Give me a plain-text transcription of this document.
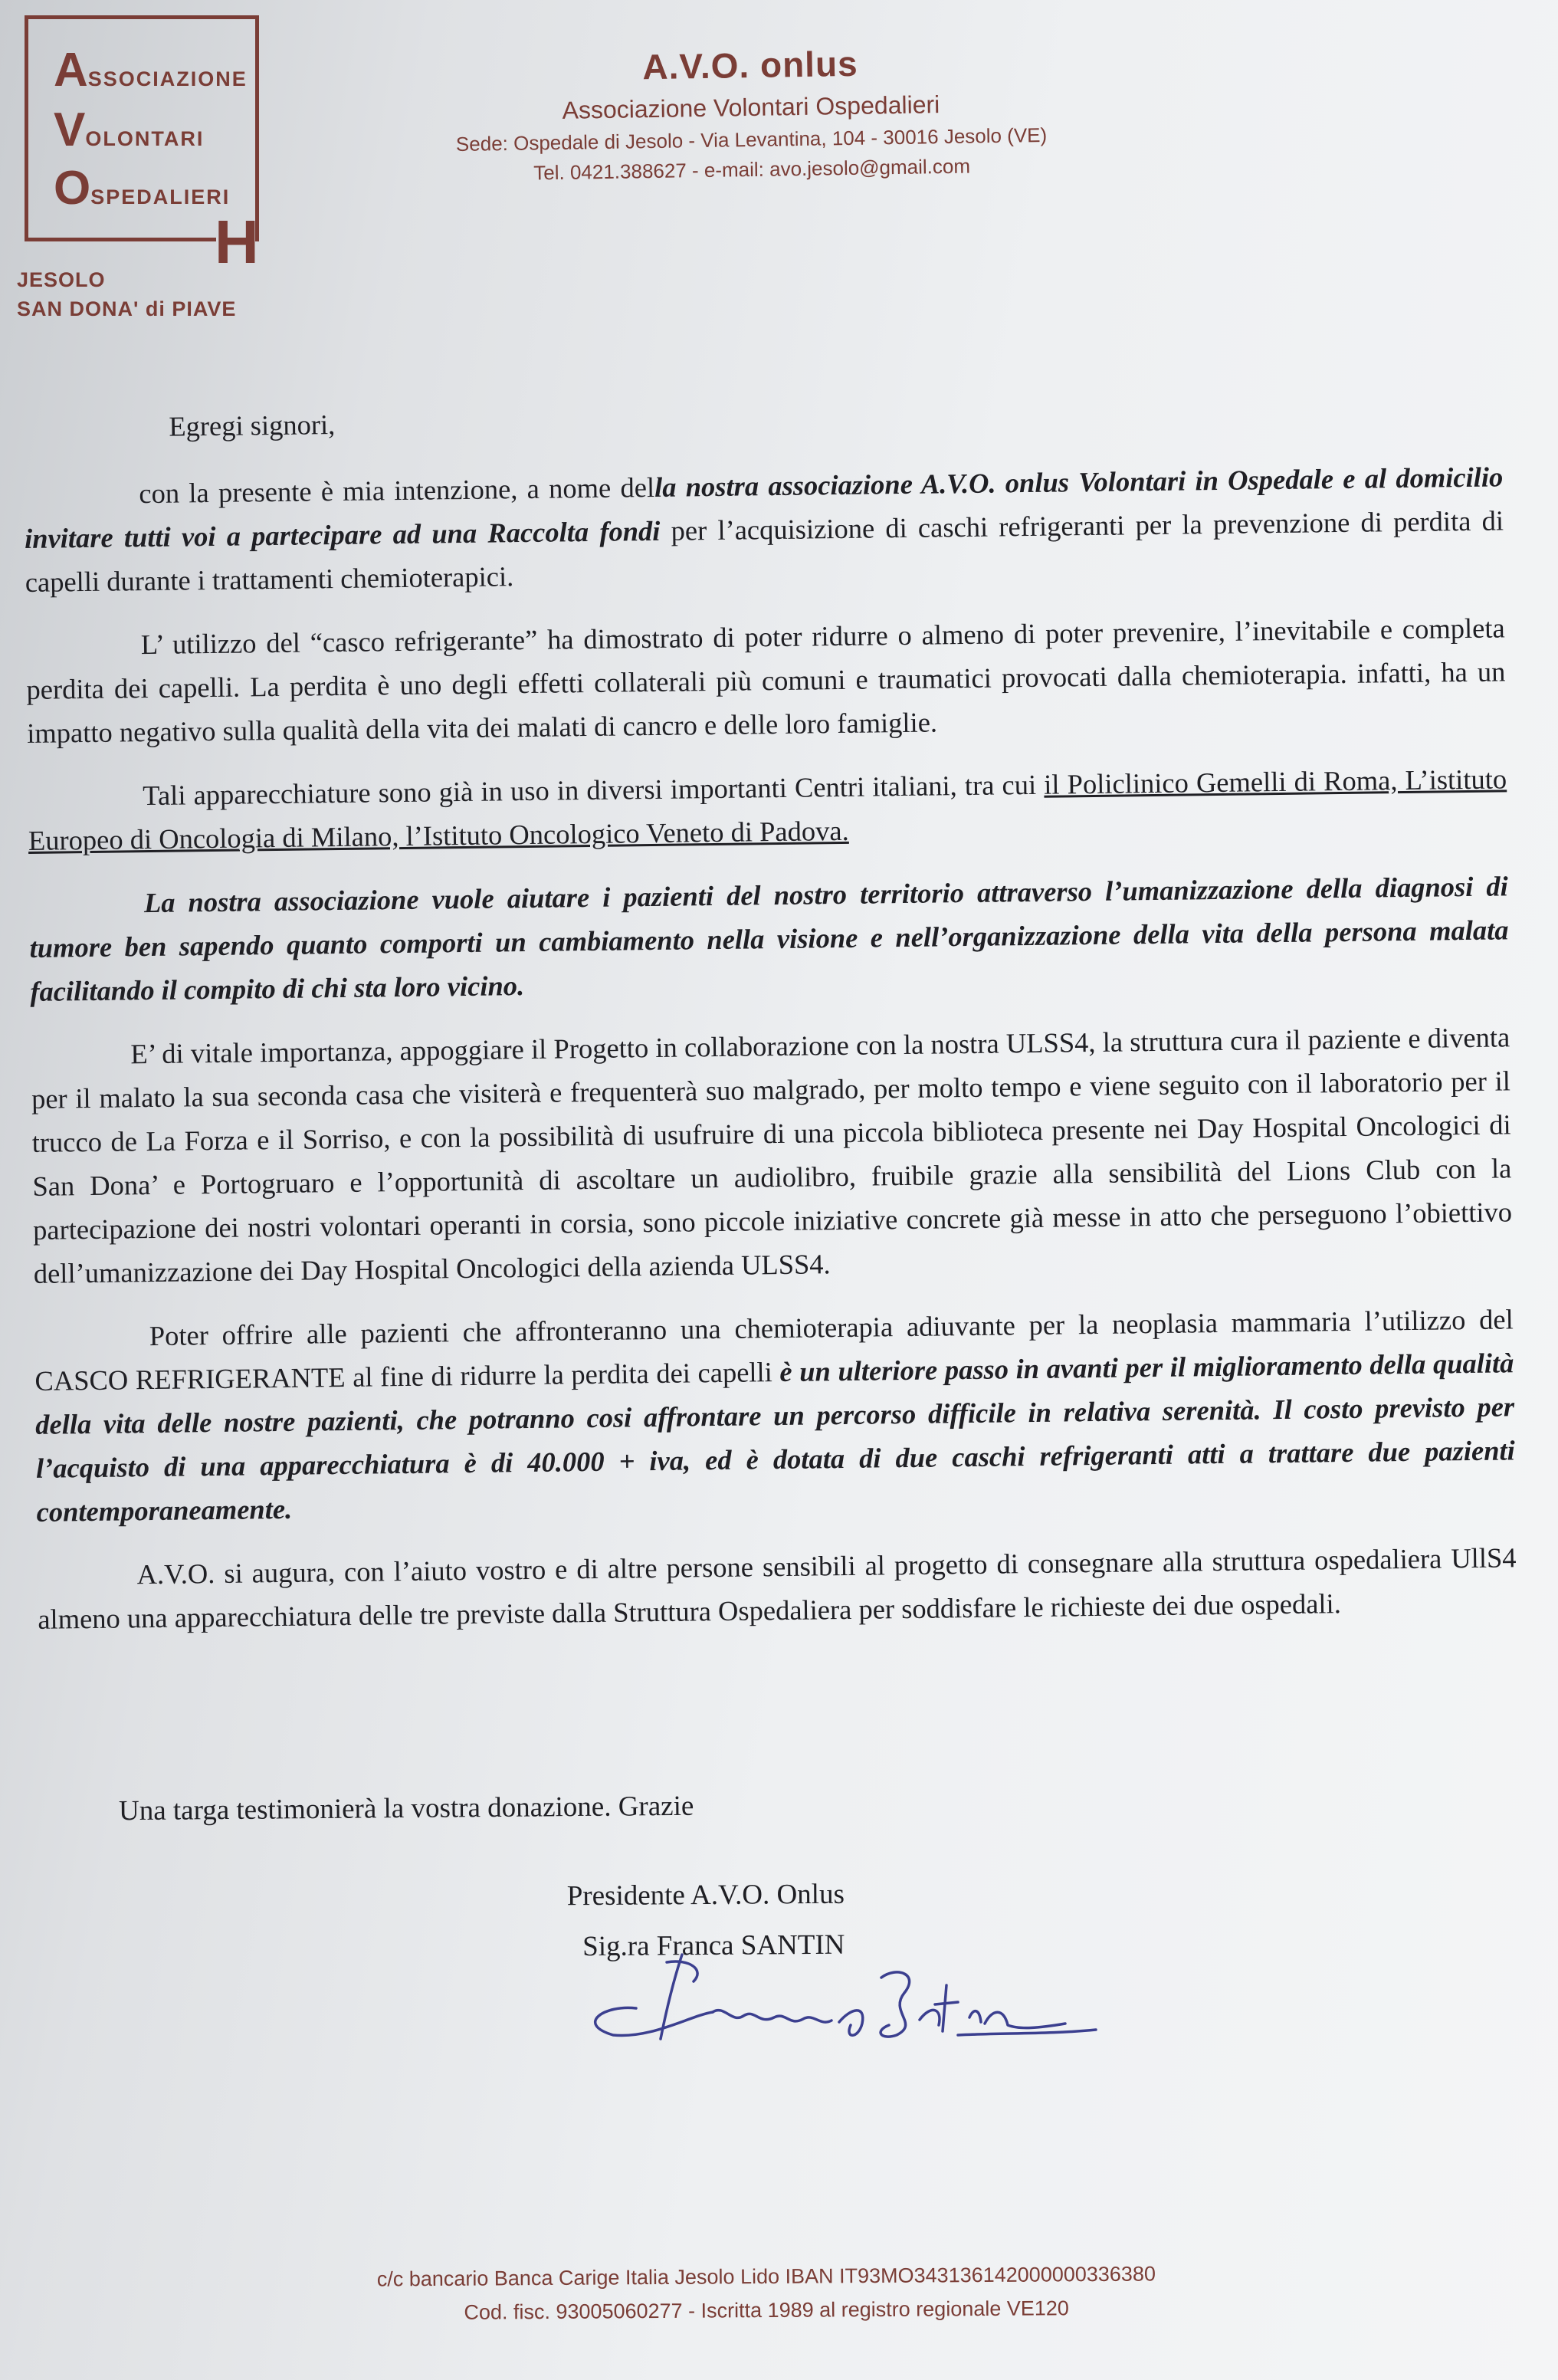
ASSOCIAZIONE
VOLONTARI
OSPEDALIERI
H
JESOLO
SAN DONA' di PIAVE
A.V.O. onlus
Associazione Volontari Ospedalieri
Sede: Ospedale di Jesolo - Via Levantina, 104 - 30016 Jesolo (VE)
Tel. 0421.388627 - e-mail: avo.jesolo@gmail.com

Egregi signori,

con la presente è mia intenzione, a nome della nostra associazione A.V.O. onlus Volontari in Ospedale e al domicilio invitare tutti voi a partecipare ad una Raccolta fondi per l’acquisizione di caschi refrigeranti per la prevenzione di perdita di capelli durante i trattamenti chemioterapici.

L’ utilizzo del “casco refrigerante” ha dimostrato di poter ridurre o almeno di poter prevenire, l’inevitabile e completa perdita dei capelli. La perdita è uno degli effetti collaterali più comuni e traumatici provocati dalla chemioterapia. infatti, ha un impatto negativo sulla qualità della vita dei malati di cancro e delle loro famiglie.

Tali apparecchiature sono già in uso in diversi importanti Centri italiani, tra cui il Policlinico Gemelli di Roma, L’istituto Europeo di Oncologia di Milano, l’Istituto Oncologico Veneto di Padova.

La nostra associazione vuole aiutare i pazienti del nostro territorio attraverso l’umanizzazione della diagnosi di tumore ben sapendo quanto comporti un cambiamento nella visione e nell’organizzazione della vita della persona malata facilitando il compito di chi sta loro vicino.

E’ di vitale importanza, appoggiare il Progetto in collaborazione con la nostra ULSS4, la struttura cura il paziente e diventa per il malato la sua seconda casa che visiterà e frequenterà suo malgrado, per molto tempo e viene seguito con il laboratorio per il trucco de La Forza e il Sorriso, e con la possibilità di usufruire di una piccola biblioteca presente nei Day Hospital Oncologici di San Dona’ e Portogruaro e l’opportunità di ascoltare un audiolibro, fruibile grazie alla sensibilità del Lions Club con la partecipazione dei nostri volontari operanti in corsia, sono piccole iniziative concrete già messe in atto che perseguono l’obiettivo dell’umanizzazione dei Day Hospital Oncologici della azienda ULSS4.

Poter offrire alle pazienti che affronteranno una chemioterapia adiuvante per la neoplasia mammaria l’utilizzo del CASCO REFRIGERANTE al fine di ridurre la perdita dei capelli è un ulteriore passo in avanti per il miglioramento della qualità della vita delle nostre pazienti, che potranno cosi affrontare un percorso difficile in relativa serenità. Il costo previsto per l’acquisto di una apparecchiatura è di 40.000 + iva, ed è dotata di due caschi refrigeranti atti a trattare due pazienti contemporaneamente.

A.V.O. si augura, con l’aiuto vostro e di altre persone sensibili al progetto di consegnare alla struttura ospedaliera UllS4 almeno una apparecchiatura delle tre previste dalla Struttura Ospedaliera per soddisfare le richieste dei due ospedali.

Una targa testimonierà la vostra donazione. Grazie
Presidente A.V.O. Onlus
Sig.ra Franca SANTIN
c/c bancario Banca Carige Italia Jesolo Lido IBAN IT93MO343136142000000336380
Cod. fisc. 93005060277 - Iscritta 1989 al registro regionale VE120
